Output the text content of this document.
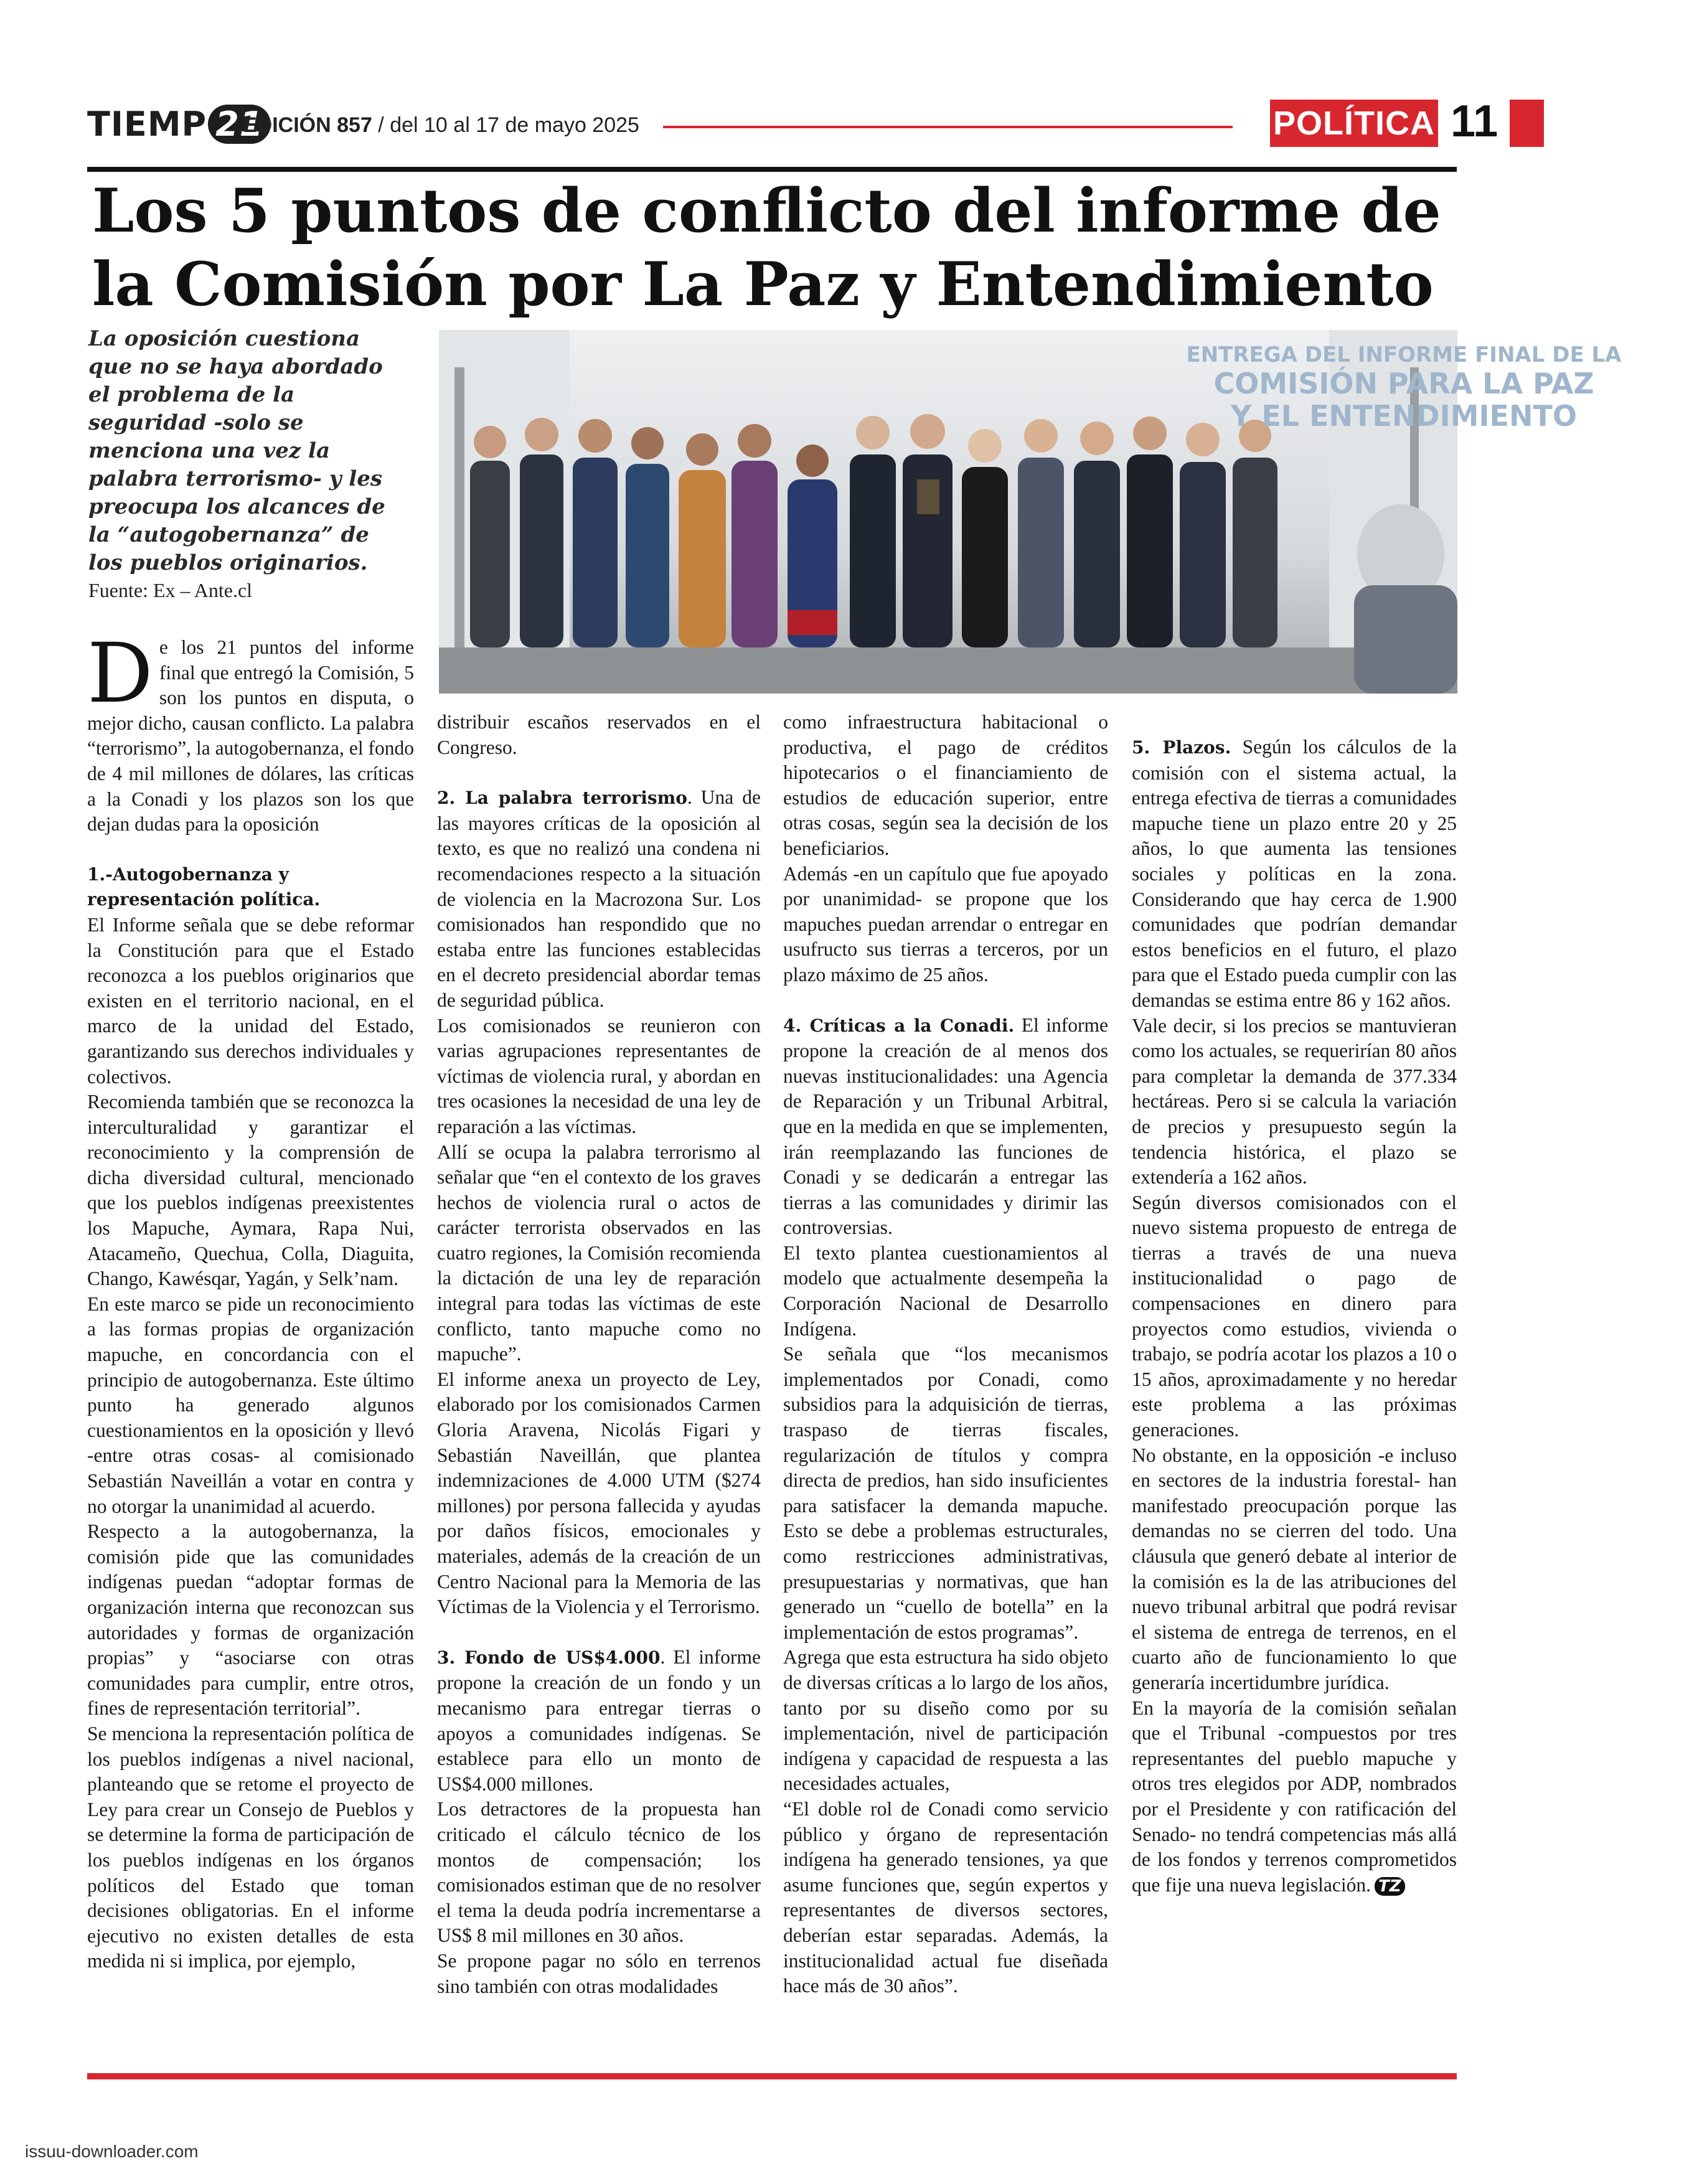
TIEMP 21
EDICIÓN 857 / del 10 al 17 de mayo 2025	POLÍTICA 11
Los 5 puntos de conflicto del informe de la Comisión por La Paz y Entendimiento
La oposición cuestiona que no se haya abordado el problema de la seguridad -solo se menciona una vez la palabra terrorismo- y les preocupa los alcances de la “autogobernanza” de los pueblos originarios.
Fuente: Ex – Ante.cl
ENTREGA DEL INFORME FINAL DE LA
COMISIÓN PARA LA PAZ
Y EL ENTENDIMIENTO
D e los 21 puntos del informe final que entregó la Comisión, 5 son los puntos en disputa, o mejor dicho, causan conflicto. La palabra “terrorismo”, la autogobernanza, el fondo de 4 mil millones de dólares, las críticas a la Conadi y los plazos son los que dejan dudas para la oposición

1.-Autogobernanza y representación política.

El Informe señala que se debe reformar la Constitución para que el Estado reconozca a los pueblos originarios que existen en el territorio nacional, en el marco de la unidad del Estado, garantizando sus derechos individuales y colectivos.

Recomienda también que se reconozca la interculturalidad y garantizar el reconocimiento y la comprensión de dicha diversidad cultural, mencionado que los pueblos indígenas preexistentes los Mapuche, Aymara, Rapa Nui, Atacameño, Quechua, Colla, Diaguita, Chango, Kawésqar, Yagán, y Selk’nam.

En este marco se pide un reconocimiento a las formas propias de organización mapuche, en concordancia con el principio de autogobernanza. Este último punto ha generado algunos cuestionamientos en la oposición y llevó -entre otras cosas- al comisionado Sebastián Naveillán a votar en contra y no otorgar la unanimidad al acuerdo.

Respecto a la autogobernanza, la comisión pide que las comunidades indígenas puedan “adoptar formas de organización interna que reconozcan sus autoridades y formas de organización propias” y “asociarse con otras comunidades para cumplir, entre otros, fines de representación territorial”.

Se menciona la representación política de los pueblos indígenas a nivel nacional, planteando que se retome el proyecto de Ley para crear un Consejo de Pueblos y se determine la forma de participación de los pueblos indígenas en los órganos políticos del Estado que toman decisiones obligatorias. En el informe ejecutivo no existen detalles de esta medida ni si implica, por ejemplo,

distribuir escaños reservados en el Congreso.

2. La palabra terrorismo. Una de las mayores críticas de la oposición al texto, es que no realizó una condena ni recomendaciones respecto a la situación de violencia en la Macrozona Sur. Los comisionados han respondido que no estaba entre las funciones establecidas en el decreto presidencial abordar temas de seguridad pública.

Los comisionados se reunieron con varias agrupaciones representantes de víctimas de violencia rural, y abordan en tres ocasiones la necesidad de una ley de reparación a las víctimas.

Allí se ocupa la palabra terrorismo al señalar que “en el contexto de los graves hechos de violencia rural o actos de carácter terrorista observados en las cuatro regiones, la Comisión recomienda la dictación de una ley de reparación integral para todas las víctimas de este conflicto, tanto mapuche como no mapuche”.

El informe anexa un proyecto de Ley, elaborado por los comisionados Carmen Gloria Aravena, Nicolás Figari y Sebastián Naveillán, que plantea indemnizaciones de 4.000 UTM ($274 millones) por persona fallecida y ayudas por daños físicos, emocionales y materiales, además de la creación de un Centro Nacional para la Memoria de las Víctimas de la Violencia y el Terrorismo.

3. Fondo de US$4.000. El informe propone la creación de un fondo y un mecanismo para entregar tierras o apoyos a comunidades indígenas. Se establece para ello un monto de US$4.000 millones.

Los detractores de la propuesta han criticado el cálculo técnico de los montos de compensación; los comisionados estiman que de no resolver el tema la deuda podría incrementarse a US$ 8 mil millones en 30 años.

Se propone pagar no sólo en terrenos sino también con otras modalidades

como infraestructura habitacional o productiva, el pago de créditos hipotecarios o el financiamiento de estudios de educación superior, entre otras cosas, según sea la decisión de los beneficiarios.

Además -en un capítulo que fue apoyado por unanimidad- se propone que los mapuches puedan arrendar o entregar en usufructo sus tierras a terceros, por un plazo máximo de 25 años.

4. Críticas a la Conadi. El informe propone la creación de al menos dos nuevas institucionalidades: una Agencia de Reparación y un Tribunal Arbitral, que en la medida en que se implementen, irán reemplazando las funciones de Conadi y se dedicarán a entregar las tierras a las comunidades y dirimir las controversias.

El texto plantea cuestionamientos al modelo que actualmente desempeña la Corporación Nacional de Desarrollo Indígena.

Se señala que “los mecanismos implementados por Conadi, como subsidios para la adquisición de tierras, traspaso de tierras fiscales, regularización de títulos y compra directa de predios, han sido insuficientes para satisfacer la demanda mapuche. Esto se debe a problemas estructurales, como restricciones administrativas, presupuestarias y normativas, que han generado un “cuello de botella” en la implementación de estos programas”.

Agrega que esta estructura ha sido objeto de diversas críticas a lo largo de los años, tanto por su diseño como por su implementación, nivel de participación indígena y capacidad de respuesta a las necesidades actuales,

“El doble rol de Conadi como servicio público y órgano de representación indígena ha generado tensiones, ya que asume funciones que, según expertos y representantes de diversos sectores, deberían estar separadas. Además, la institucionalidad actual fue diseñada hace más de 30 años”.

5. Plazos. Según los cálculos de la comisión con el sistema actual, la entrega efectiva de tierras a comunidades mapuche tiene un plazo entre 20 y 25 años, lo que aumenta las tensiones sociales y políticas en la zona. Considerando que hay cerca de 1.900 comunidades que podrían demandar estos beneficios en el futuro, el plazo para que el Estado pueda cumplir con las demandas se estima entre 86 y 162 años.

Vale decir, si los precios se mantuvieran como los actuales, se requerirían 80 años para completar la demanda de 377.334 hectáreas. Pero si se calcula la variación de precios y presupuesto según la tendencia histórica, el plazo se extendería a 162 años.

Según diversos comisionados con el nuevo sistema propuesto de entrega de tierras a través de una nueva institucionalidad o pago de compensaciones en dinero para proyectos como estudios, vivienda o trabajo, se podría acotar los plazos a 10 o 15 años, aproximadamente y no heredar este problema a las próximas generaciones.

No obstante, en la opposición -e incluso en sectores de la industria forestal- han manifestado preocupación porque las demandas no se cierren del todo. Una cláusula que generó debate al interior de la comisión es la de las atribuciones del nuevo tribunal arbitral que podrá revisar el sistema de entrega de terrenos, en el cuarto año de funcionamiento lo que generaría incertidumbre jurídica.

En la mayoría de la comisión señalan que el Tribunal -compuestos por tres representantes del pueblo mapuche y otros tres elegidos por ADP, nombrados por el Presidente y con ratificación del Senado- no tendrá competencias más allá de los fondos y terrenos comprometidos que fije una nueva legislación. TZ

issuu-downloader.com
